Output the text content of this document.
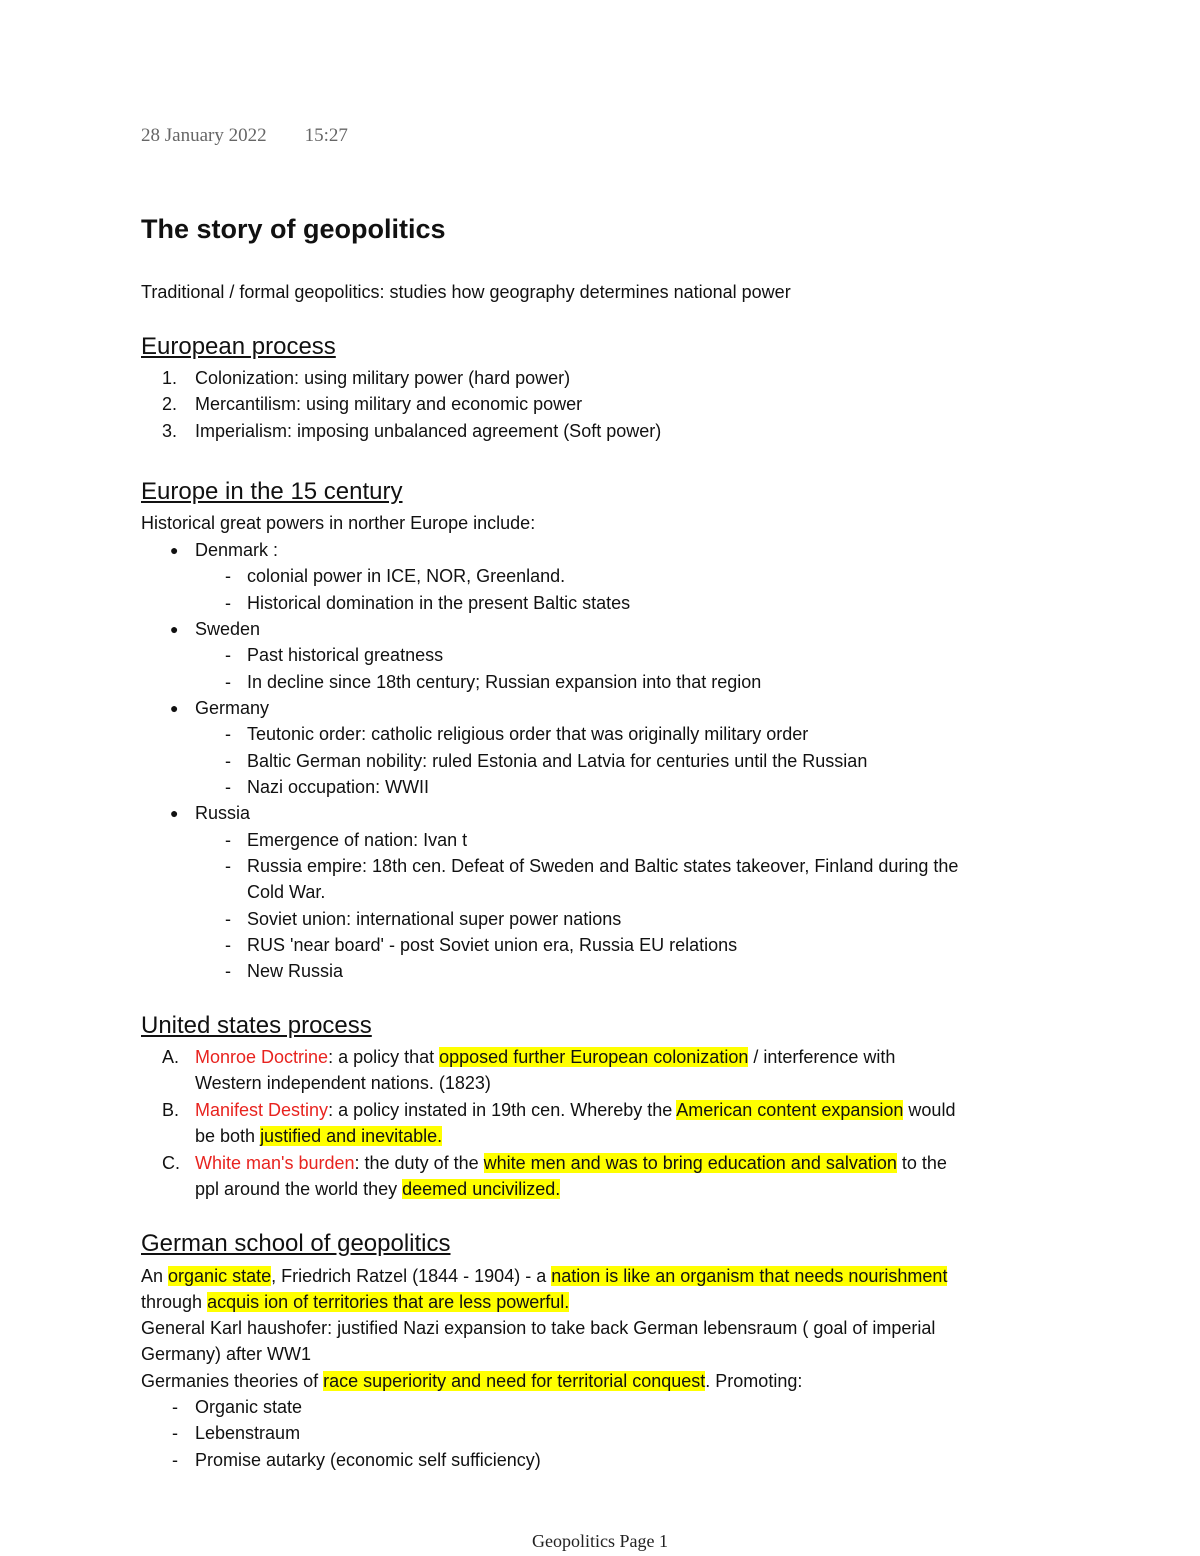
28 January 2022 15:27
The story of geopolitics
Traditional / formal geopolitics: studies how geography determines national power
European process
1. Colonization: using military power (hard power)
2. Mercantilism: using military and economic power
3. Imperialism: imposing unbalanced agreement (Soft power)
Europe in the 15 century
Historical great powers in norther Europe include:
● Denmark :
- colonial power in ICE, NOR, Greenland.
- Historical domination in the present Baltic states
● Sweden
- Past historical greatness
- In decline since 18th century; Russian expansion into that region
● Germany
- Teutonic order: catholic religious order that was originally military order
- Baltic German nobility: ruled Estonia and Latvia for centuries until the Russian
- Nazi occupation: WWII
● Russia
- Emergence of nation: Ivan t
- Russia empire: 18th cen. Defeat of Sweden and Baltic states takeover, Finland during the
Cold War.
- Soviet union: international super power nations
- RUS 'near board' - post Soviet union era, Russia EU relations
- New Russia
United states process
A. Monroe Doctrine: a policy that opposed further European colonization / interference with
Western independent nations. (1823)
B. Manifest Destiny: a policy instated in 19th cen. Whereby the American content expansion would
be both justified and inevitable.
C. White man's burden: the duty of the white men and was to bring education and salvation to the
ppl around the world they deemed uncivilized.
German school of geopolitics
An organic state, Friedrich Ratzel (1844 - 1904) - a nation is like an organism that needs nourishment
through acquis ion of territories that are less powerful.
General Karl haushofer: justified Nazi expansion to take back German lebensraum ( goal of imperial
Germany) after WW1
Germanies theories of race superiority and need for territorial conquest. Promoting:
- Organic state
- Lebenstraum
- Promise autarky (economic self sufficiency)
Geopolitics Page 1
